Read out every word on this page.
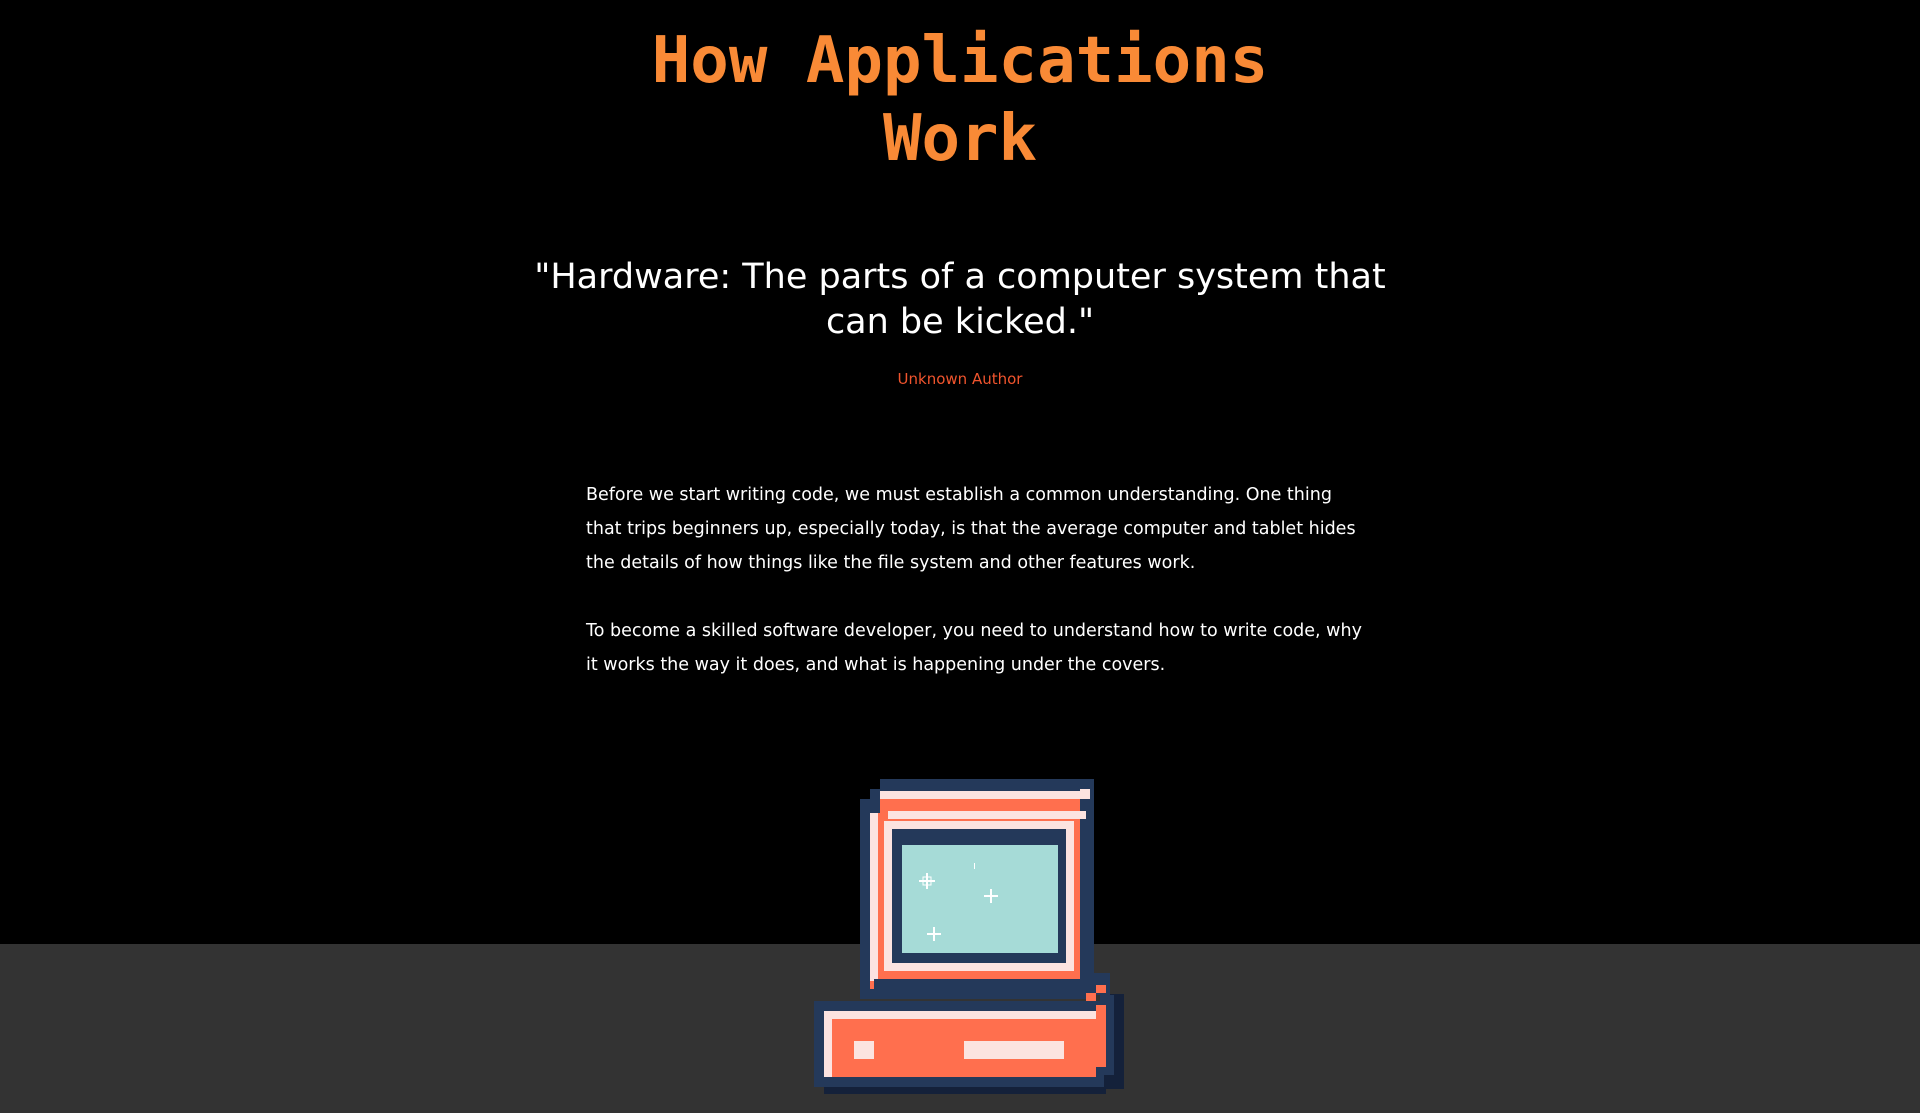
How Applications
Work
"Hardware: The parts of a computer system that can be kicked."
Unknown Author

Before we start writing code, we must establish a common understanding. One thing that trips beginners up, especially today, is that the average computer and tablet hides the details of how things like the file system and other features work.

To become a skilled software developer, you need to understand how to write code, why it works the way it does, and what is happening under the covers.
